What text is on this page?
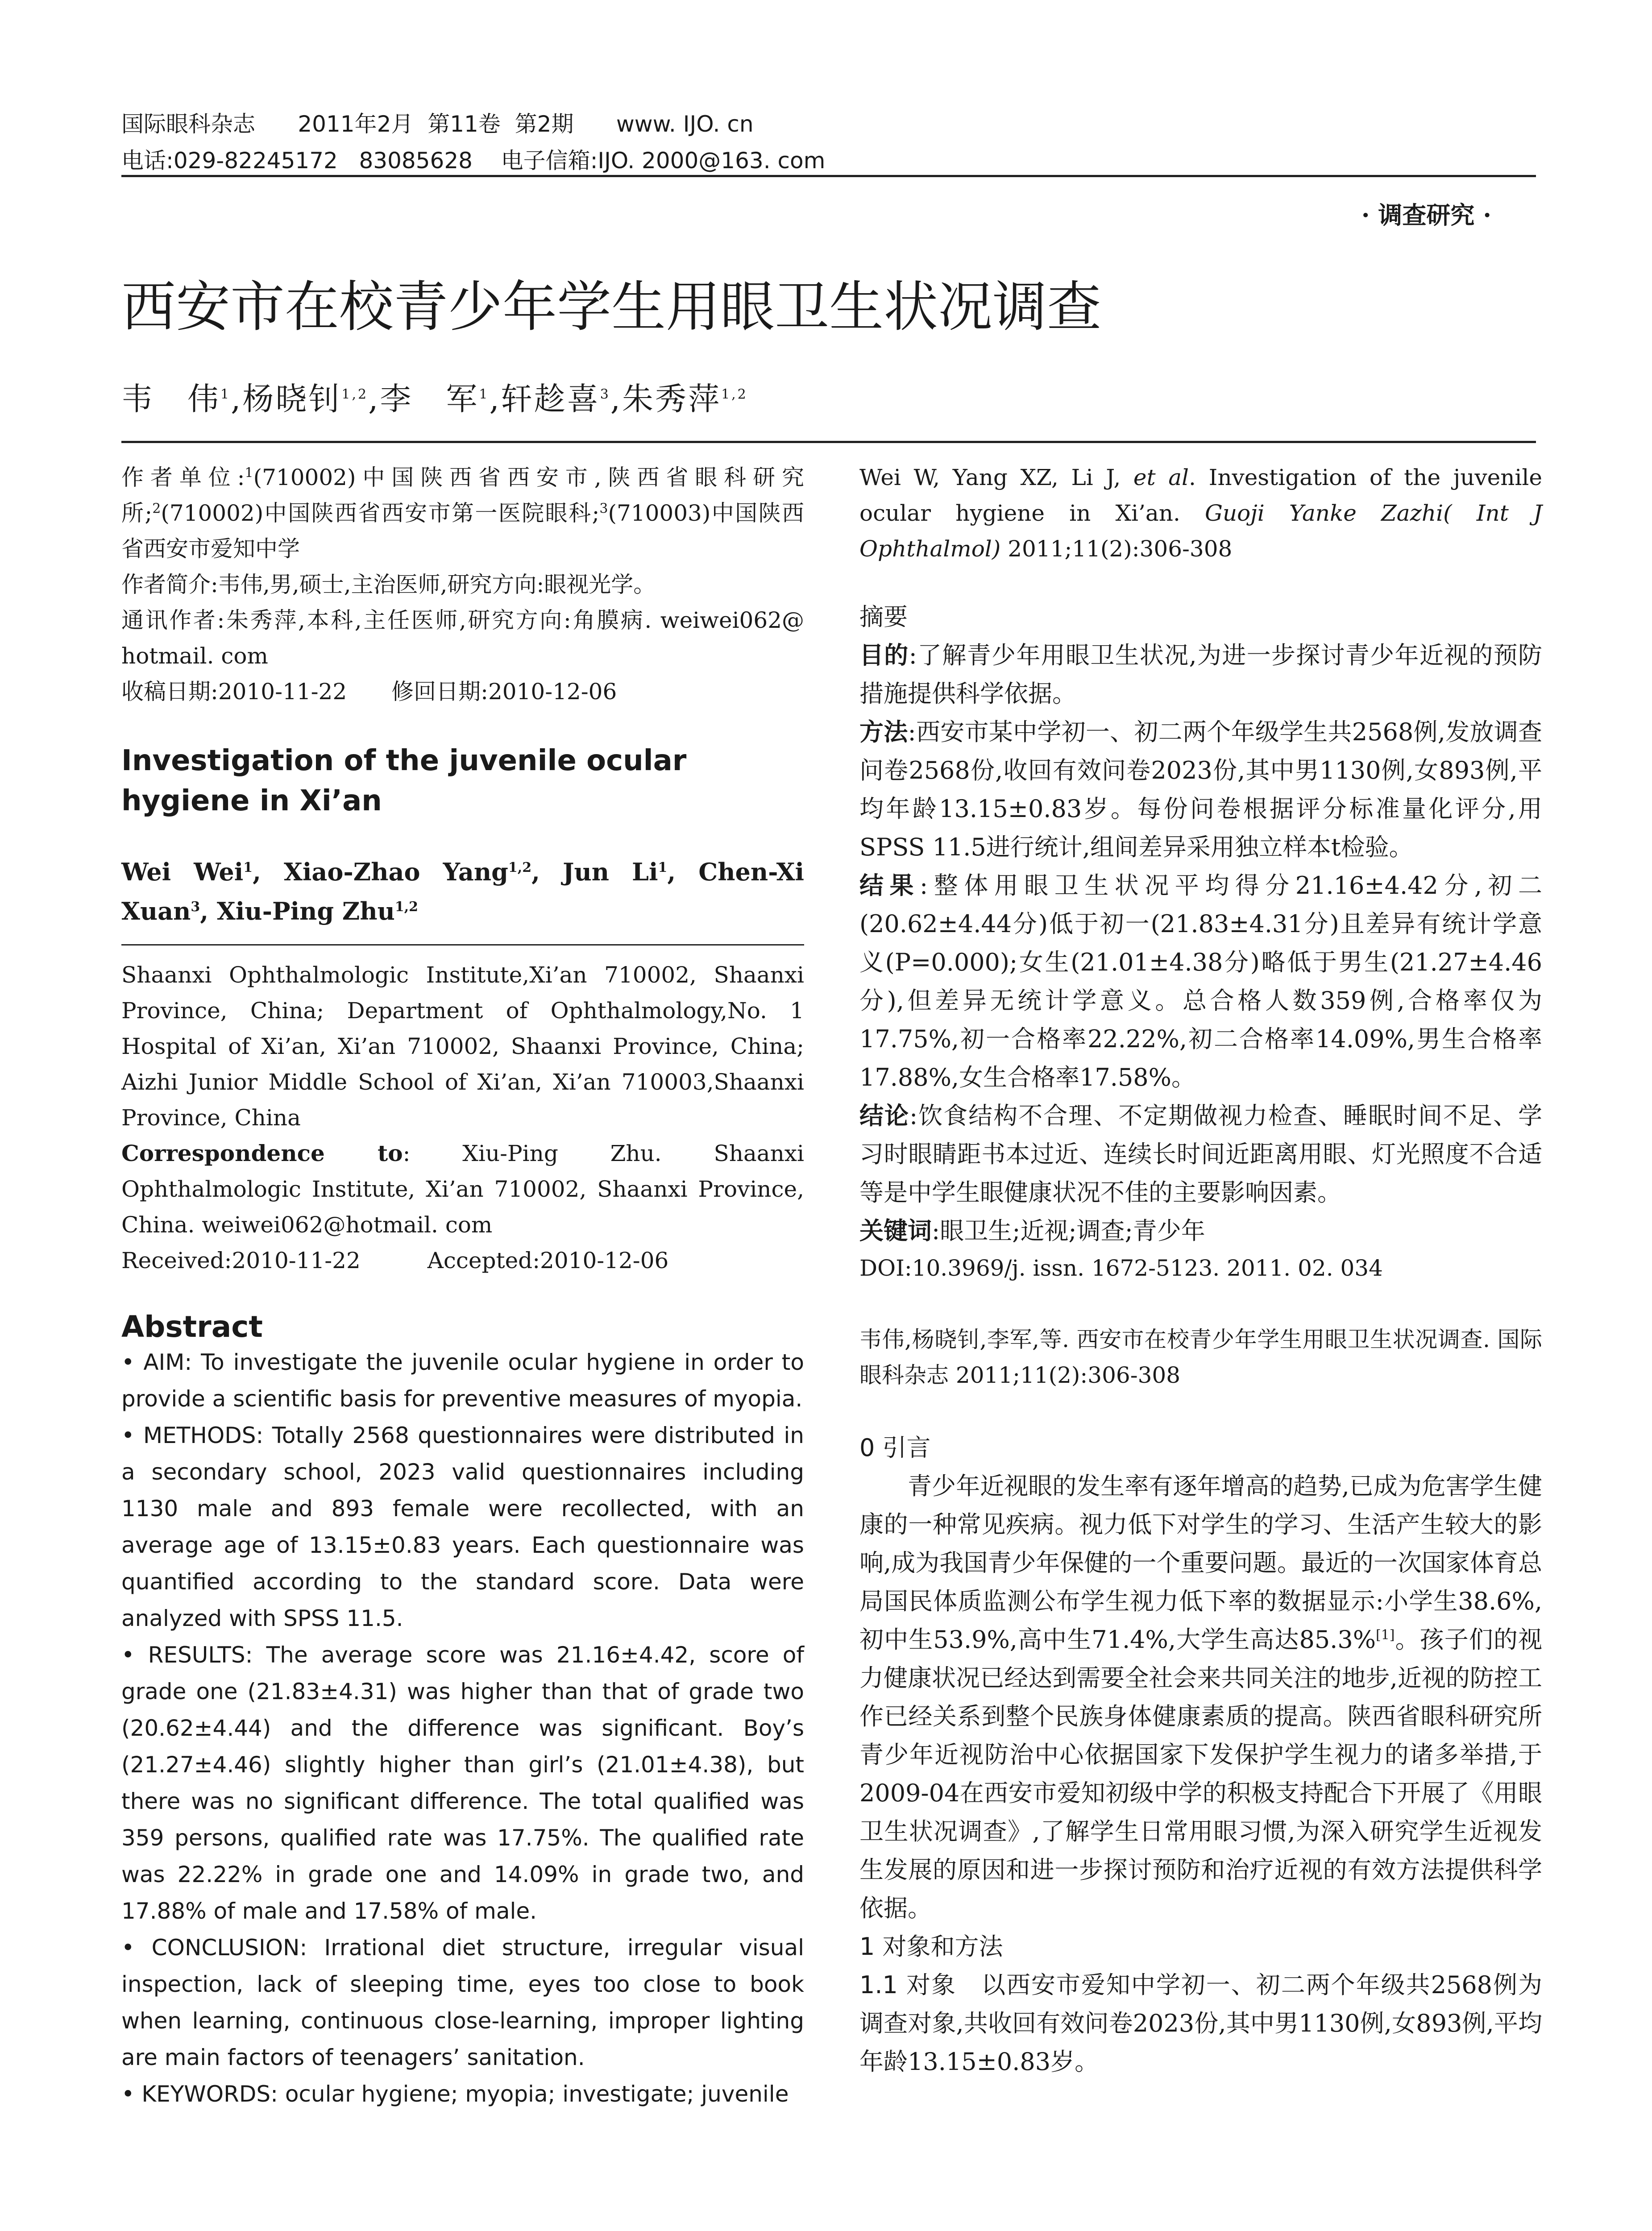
国际眼科杂志 2011年2月 第11卷 第2期 www. IJO. cn
电话:029-82245172   83085628 电子信箱:IJO. 2000@163. com
· 调查研究 ·
西安市在校青少年学生用眼卫生状况调查
韦　伟$^1$,杨晓钊$^{1,2}$,李　军$^1$,轩趁喜$^3$,朱秀萍$^{1,2}$

作者单位:$^1$(710002)中国陕西省西安市,陕西省眼科研究所;$^2$(710002)中国陕西省西安市第一医院眼科;$^3$(710003)中国陕西省西安市爱知中学

作者简介:韦伟,男,硕士,主治医师,研究方向:眼视光学。

通讯作者:朱秀萍,本科,主任医师,研究方向:角膜病. weiwei062@ hotmail. com

收稿日期:2010-11-22　　修回日期:2010-12-06

Investigation of the juvenile ocular hygiene in Xi’an

Wei Wei$^1$, Xiao-Zhao Yang$^{1,2}$, Jun Li$^1$, Chen-Xi Xuan$^3$, Xiu-Ping Zhu$^{1,2}$

Shaanxi Ophthalmologic Institute,Xi’an 710002, Shaanxi Province, China; Department of Ophthalmology,No. 1 Hospital of Xi’an, Xi’an 710002, Shaanxi Province, China; Aizhi Junior Middle School of Xi’an, Xi’an 710003,Shaanxi Province, China

Correspondence to: Xiu-Ping Zhu. Shaanxi Ophthalmologic Institute, Xi’an 710002, Shaanxi Province, China. weiwei062@hotmail. com

Received:2010-11-22　　　Accepted:2010-12-06

Abstract

• AIM: To investigate the juvenile ocular hygiene in order to provide a scientific basis for preventive measures of myopia.

• METHODS: Totally 2568 questionnaires were distributed in a secondary school, 2023 valid questionnaires including 1130 male and 893 female were recollected, with an average age of 13.15±0.83 years. Each questionnaire was quantified according to the standard score. Data were analyzed with SPSS 11.5.

• RESULTS: The average score was 21.16±4.42, score of grade one (21.83±4.31) was higher than that of grade two (20.62±4.44) and the difference was significant. Boy’s (21.27±4.46) slightly higher than girl’s (21.01±4.38), but there was no significant difference. The total qualified was 359 persons, qualified rate was 17.75%. The qualified rate was 22.22% in grade one and 14.09% in grade two, and 17.88% of male and 17.58% of male.

• CONCLUSION: Irrational diet structure, irregular visual inspection, lack of sleeping time, eyes too close to book when learning, continuous close-learning, improper lighting are main factors of teenagers’ sanitation.

• KEYWORDS: ocular hygiene; myopia; investigate; juvenile

Wei W, Yang XZ, Li J, et al. Investigation of the juvenile ocular hygiene in Xi’an. Guoji Yanke Zazhi( Int J Ophthalmol) 2011;11(2):306-308

摘要

目的:了解青少年用眼卫生状况,为进一步探讨青少年近视的预防措施提供科学依据。

方法:西安市某中学初一、初二两个年级学生共2568例,发放调查问卷2568份,收回有效问卷2023份,其中男1130例,女893例,平均年龄13.15±0.83岁。每份问卷根据评分标准量化评分,用SPSS 11.5进行统计,组间差异采用独立样本t检验。

结果:整体用眼卫生状况平均得分21.16±4.42分,初二(20.62±4.44分)低于初一(21.83±4.31分)且差异有统计学意义(P=0.000);女生(21.01±4.38分)略低于男生(21.27±4.46分),但差异无统计学意义。总合格人数359例,合格率仅为17.75%,初一合格率22.22%,初二合格率14.09%,男生合格率17.88%,女生合格率17.58%。

结论:饮食结构不合理、不定期做视力检查、睡眠时间不足、学习时眼睛距书本过近、连续长时间近距离用眼、灯光照度不合适等是中学生眼健康状况不佳的主要影响因素。

关键词:眼卫生;近视;调查;青少年

DOI:10.3969/j. issn. 1672-5123. 2011. 02. 034

韦伟,杨晓钊,李军,等. 西安市在校青少年学生用眼卫生状况调查. 国际眼科杂志 2011;11(2):306-308

0 引言

青少年近视眼的发生率有逐年增高的趋势,已成为危害学生健康的一种常见疾病。视力低下对学生的学习、生活产生较大的影响,成为我国青少年保健的一个重要问题。最近的一次国家体育总局国民体质监测公布学生视力低下率的数据显示:小学生38.6%,初中生53.9%,高中生71.4%,大学生高达85.3%[1]。孩子们的视力健康状况已经达到需要全社会来共同关注的地步,近视的防控工作已经关系到整个民族身体健康素质的提高。陕西省眼科研究所青少年近视防治中心依据国家下发保护学生视力的诸多举措,于2009-04在西安市爱知初级中学的积极支持配合下开展了《用眼卫生状况调查》,了解学生日常用眼习惯,为深入研究学生近视发生发展的原因和进一步探讨预防和治疗近视的有效方法提供科学依据。

1 对象和方法

1.1 对象　以西安市爱知中学初一、初二两个年级共2568例为调查对象,共收回有效问卷2023份,其中男1130例,女893例,平均年龄13.15±0.83岁。
